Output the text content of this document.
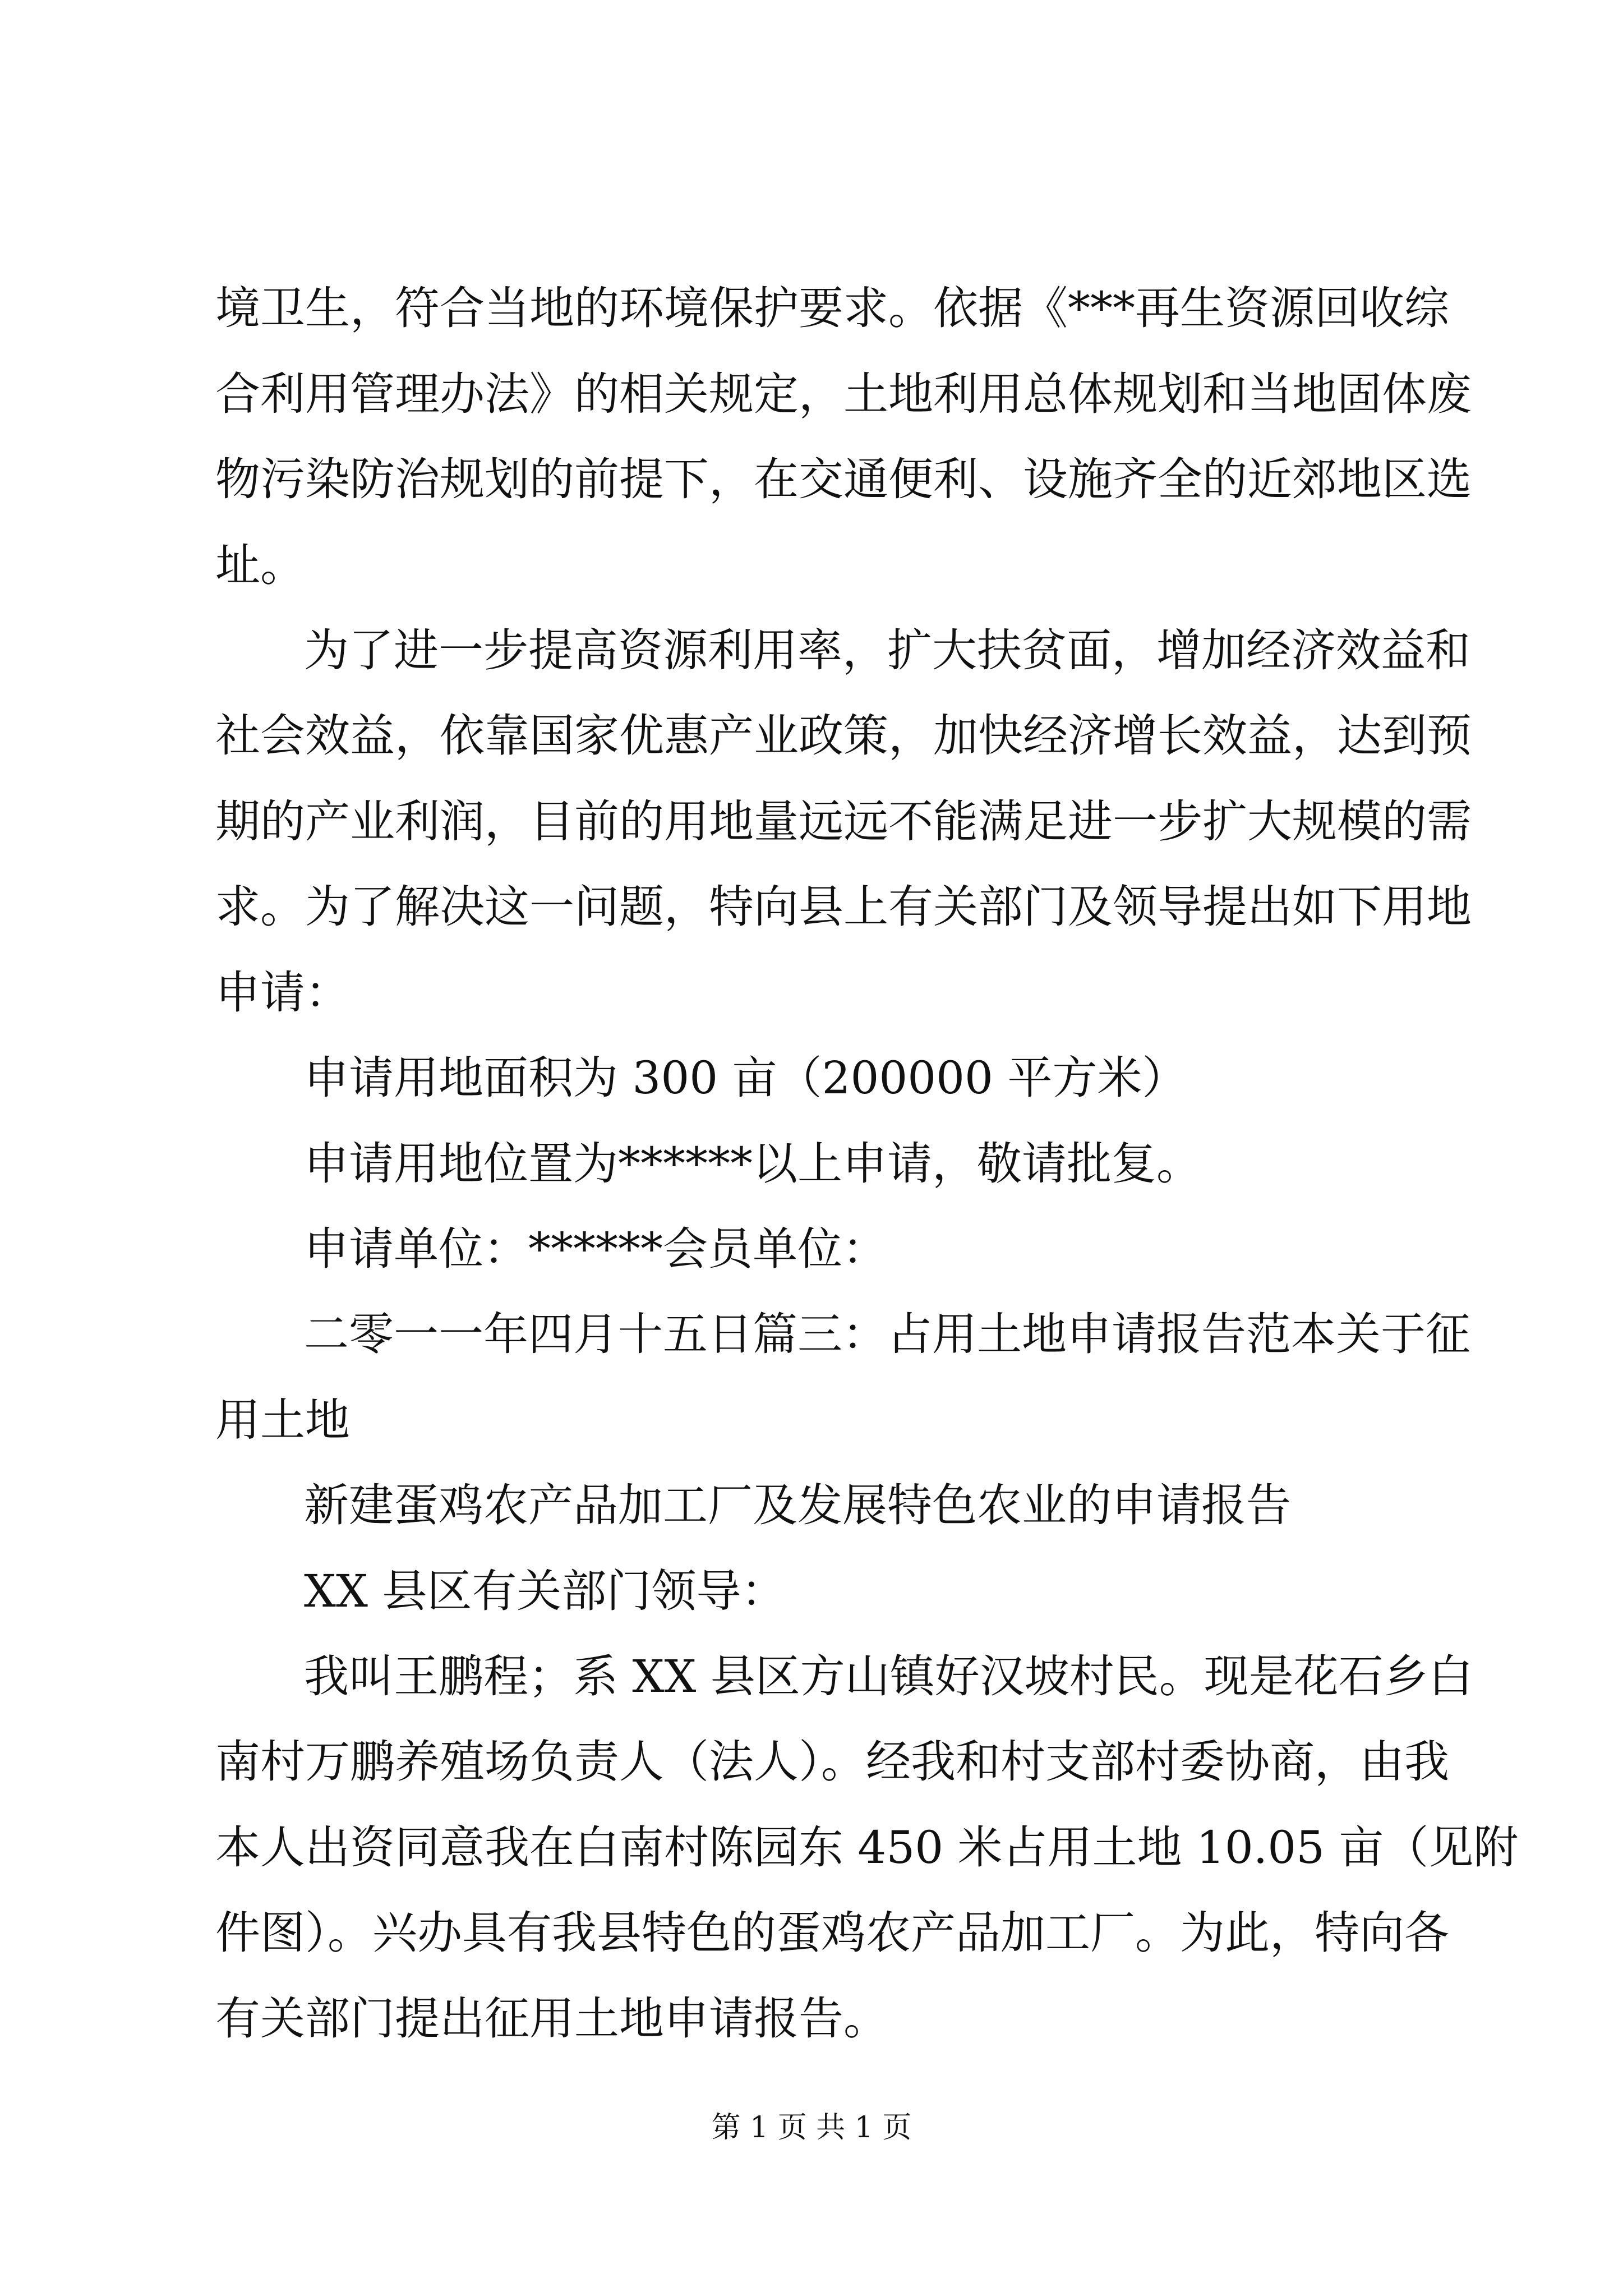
境卫生，符合当地的环境保护要求。依据《***再生资源回收综
合利用管理办法》的相关规定，土地利用总体规划和当地固体废
物污染防治规划的前提下，在交通便利、设施齐全的近郊地区选
址。
为了进一步提高资源利用率，扩大扶贫面，增加经济效益和
社会效益，依靠国家优惠产业政策，加快经济增长效益，达到预
期的产业利润，目前的用地量远远不能满足进一步扩大规模的需
求。为了解决这一问题，特向县上有关部门及领导提出如下用地
申请：
申请用地面积为 300 亩（200000 平方米）
申请用地位置为******以上申请，敬请批复。
申请单位：******会员单位：
二零一一年四月十五日篇三：占用土地申请报告范本关于征
用土地
新建蛋鸡农产品加工厂及发展特色农业的申请报告
XX 县区有关部门领导：
我叫王鹏程；系 XX 县区方山镇好汉坡村民。现是花石乡白
南村万鹏养殖场负责人（法人）。经我和村支部村委协商，由我
本人出资同意我在白南村陈园东 450 米占用土地 10.05 亩（见附
件图）。兴办具有我县特色的蛋鸡农产品加工厂。为此，特向各
有关部门提出征用土地申请报告。
第 1 页 共 1 页
